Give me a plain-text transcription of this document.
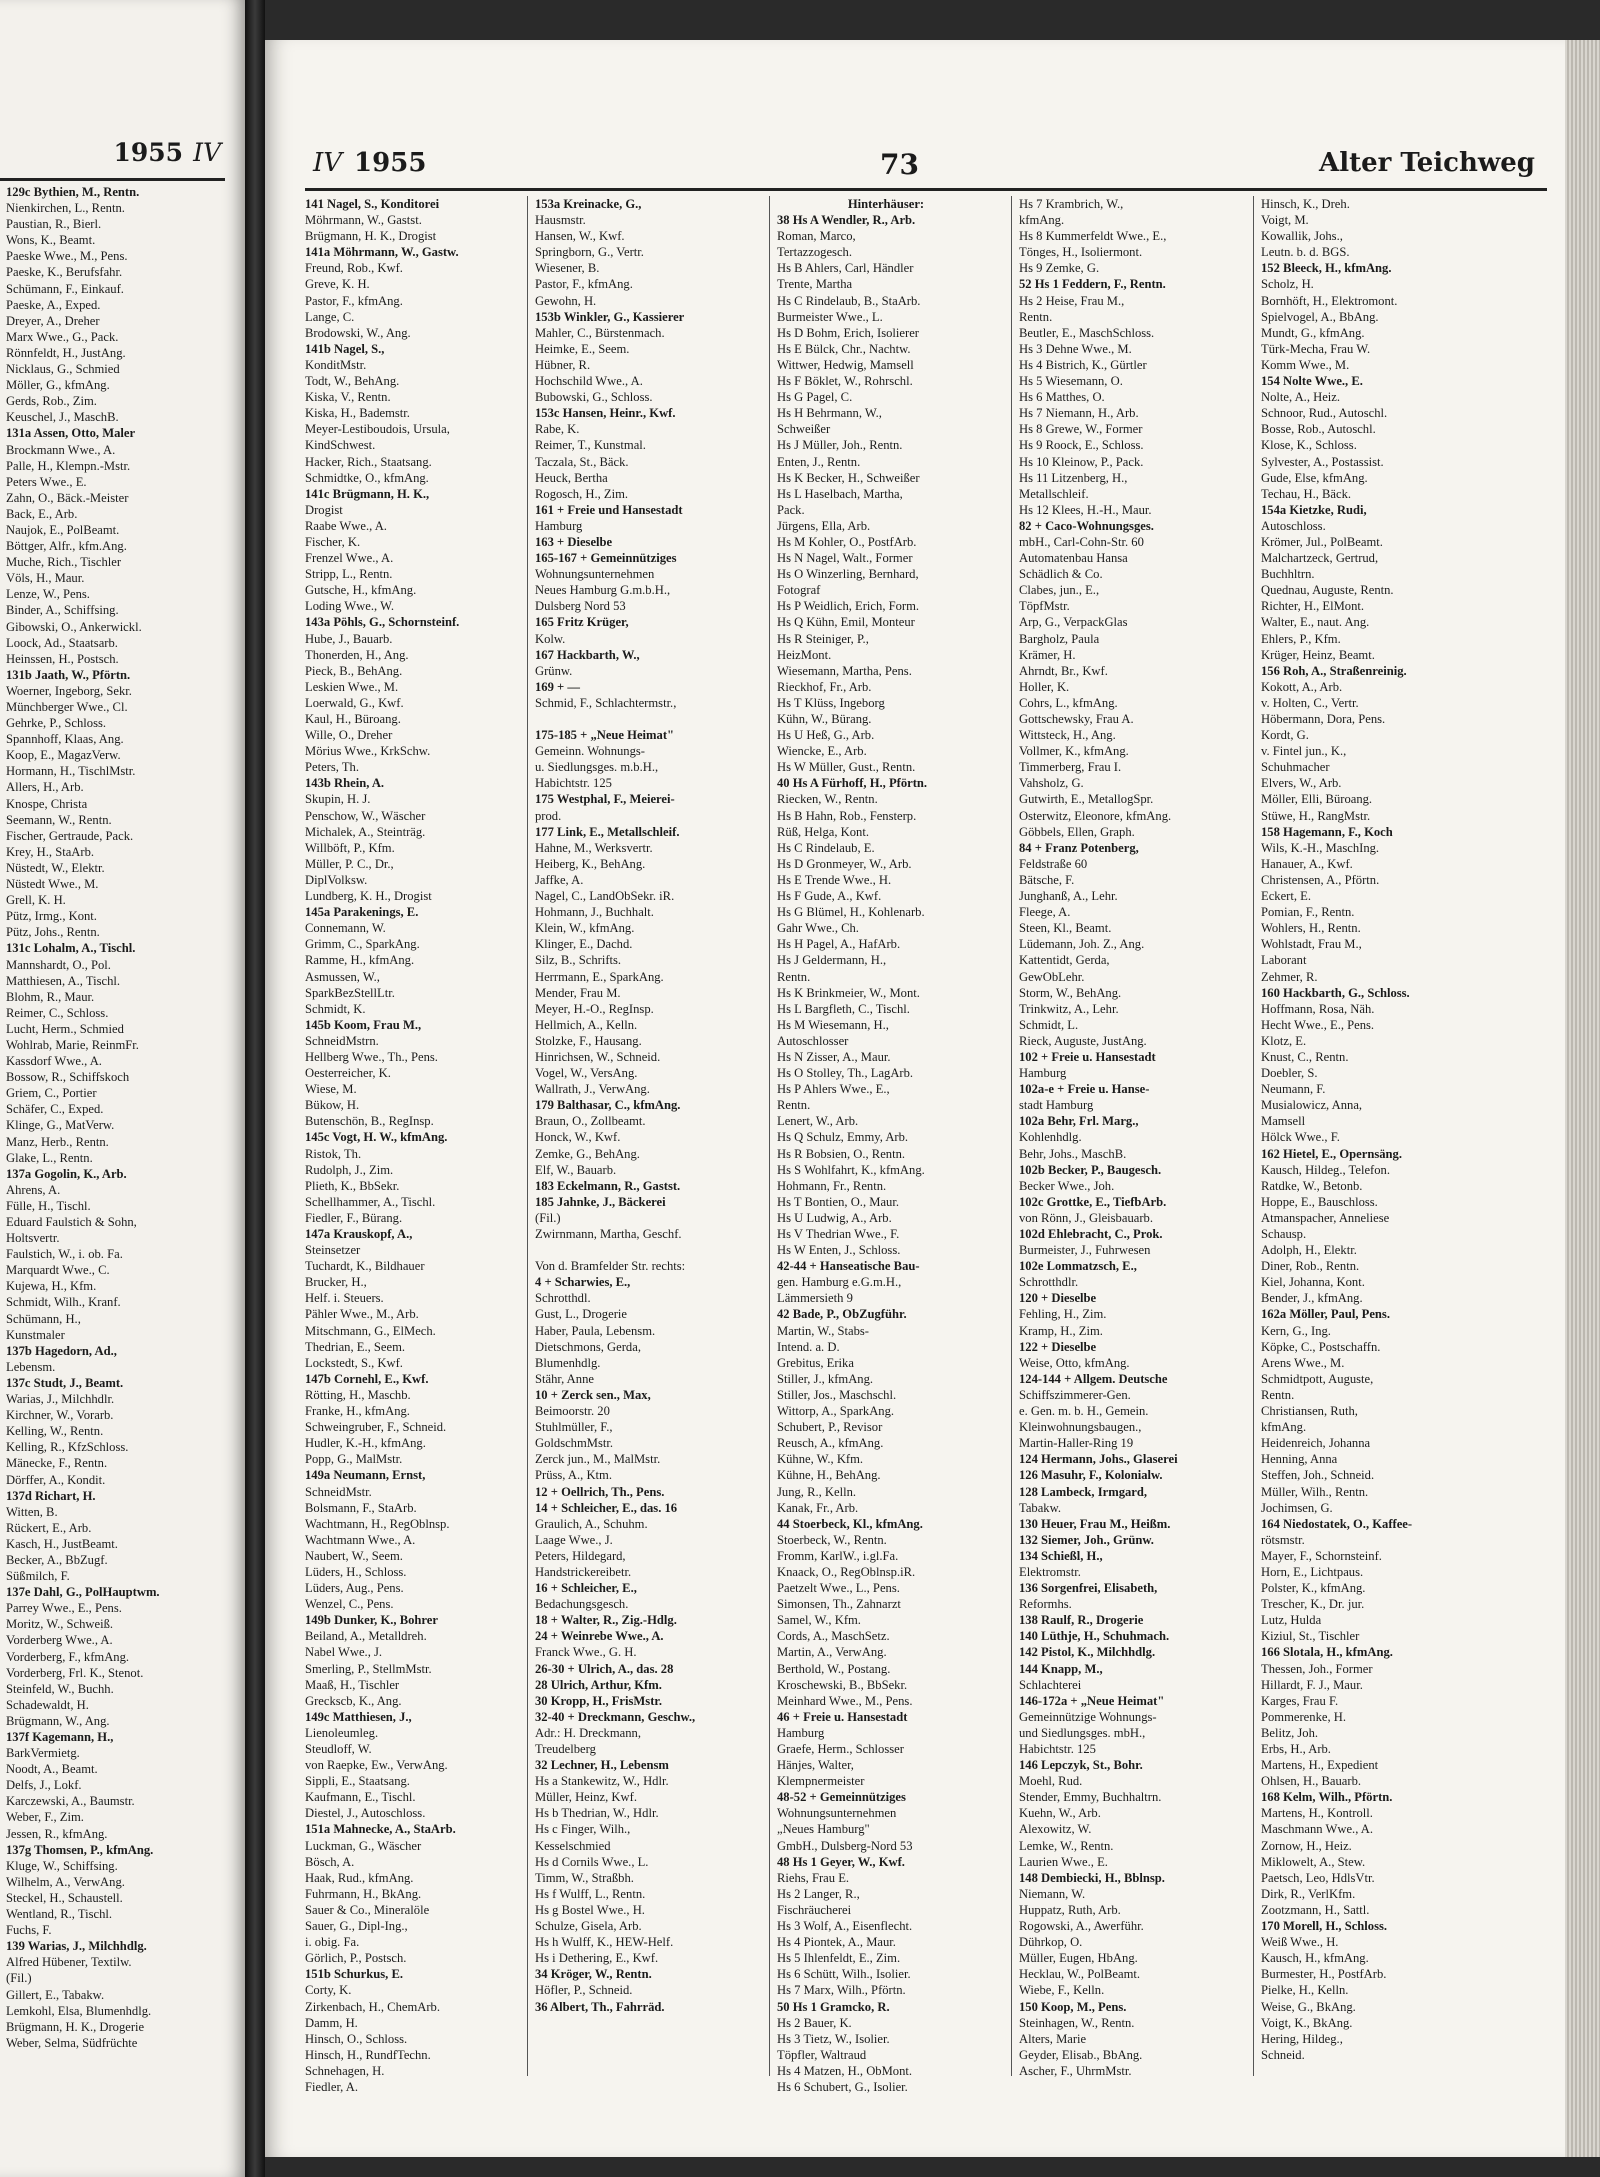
1955 IV
129c Bythien, M., Rentn.
Nienkirchen, L., Rentn.
Paustian, R., Bierl.
Wons, K., Beamt.
Paeske Wwe., M., Pens.
Paeske, K., Berufsfahr.
Schümann, F., Einkauf.
Paeske, A., Exped.
Dreyer, A., Dreher
Marx Wwe., G., Pack.
Rönnfeldt, H., JustAng.
Nicklaus, G., Schmied
Möller, G., kfmAng.
Gerds, Rob., Zim.
Keuschel, J., MaschB.
131a Assen, Otto, Maler
Brockmann Wwe., A.
Palle, H., Klempn.-Mstr.
Peters Wwe., E.
Zahn, O., Bäck.-Meister
Back, E., Arb.
Naujok, E., PolBeamt.
Böttger, Alfr., kfm.Ang.
Muche, Rich., Tischler
Völs, H., Maur.
Lenze, W., Pens.
Binder, A., Schiffsing.
Gibowski, O., Ankerwickl.
Loock, Ad., Staatsarb.
Heinssen, H., Postsch.
131b Jaath, W., Pförtn.
Woerner, Ingeborg, Sekr.
Münchberger Wwe., Cl.
Gehrke, P., Schloss.
Spannhoff, Klaas, Ang.
Koop, E., MagazVerw.
Hormann, H., TischlMstr.
Allers, H., Arb.
Knospe, Christa
Seemann, W., Rentn.
Fischer, Gertraude, Pack.
Krey, H., StaArb.
Nüstedt, W., Elektr.
Nüstedt Wwe., M.
Grell, K. H.
Pütz, Irmg., Kont.
Pütz, Johs., Rentn.
131c Lohalm, A., Tischl.
Mannshardt, O., Pol.
Matthiesen, A., Tischl.
Blohm, R., Maur.
Reimer, C., Schloss.
Lucht, Herm., Schmied
Wohlrab, Marie, ReinmFr.
Kassdorf Wwe., A.
Bossow, R., Schiffskoch
Griem, C., Portier
Schäfer, C., Exped.
Klinge, G., MatVerw.
Manz, Herb., Rentn.
Glake, L., Rentn.
137a Gogolin, K., Arb.
Ahrens, A.
Fülle, H., Tischl.
Eduard Faulstich & Sohn,
Holtsvertr.
Faulstich, W., i. ob. Fa.
Marquardt Wwe., C.
Kujewa, H., Kfm.
Schmidt, Wilh., Kranf.
Schümann, H.,
Kunstmaler
137b Hagedorn, Ad.,
Lebensm.
137c Studt, J., Beamt.
Warias, J., Milchhdlr.
Kirchner, W., Vorarb.
Kelling, W., Rentn.
Kelling, R., KfzSchloss.
Mänecke, F., Rentn.
Dörffer, A., Kondit.
137d Richart, H.
Witten, B.
Rückert, E., Arb.
Kasch, H., JustBeamt.
Becker, A., BbZugf.
Süßmilch, F.
137e Dahl, G., PolHauptwm.
Parrey Wwe., E., Pens.
Moritz, W., Schweiß.
Vorderberg Wwe., A.
Vorderberg, F., kfmAng.
Vorderberg, Frl. K., Stenot.
Steinfeld, W., Buchh.
Schadewaldt, H.
Brügmann, W., Ang.
137f Kagemann, H.,
BarkVermietg.
Noodt, A., Beamt.
Delfs, J., Lokf.
Karczewski, A., Baumstr.
Weber, F., Zim.
Jessen, R., kfmAng.
137g Thomsen, P., kfmAng.
Kluge, W., Schiffsing.
Wilhelm, A., VerwAng.
Steckel, H., Schaustell.
Wentland, R., Tischl.
Fuchs, F.
139 Warias, J., Milchhdlg.
Alfred Hübener, Textilw.
(Fil.)
Gillert, E., Tabakw.
Lemkohl, Elsa, Blumenhdlg.
Brügmann, H. K., Drogerie
Weber, Selma, Südfrüchte
IV 1955	73	Alter Teichweg
141 Nagel, S., Konditorei
Möhrmann, W., Gastst.
Brügmann, H. K., Drogist
141a Möhrmann, W., Gastw.
Freund, Rob., Kwf.
Greve, K. H.
Pastor, F., kfmAng.
Lange, C.
Brodowski, W., Ang.
141b Nagel, S.,
KonditMstr.
Todt, W., BehAng.
Kiska, V., Rentn.
Kiska, H., Bademstr.
Meyer-Lestiboudois, Ursula,
KindSchwest.
Hacker, Rich., Staatsang.
Schmidtke, O., kfmAng.
141c Brügmann, H. K.,
Drogist
Raabe Wwe., A.
Fischer, K.
Frenzel Wwe., A.
Stripp, L., Rentn.
Gutsche, H., kfmAng.
Loding Wwe., W.
143a Pöhls, G., Schornsteinf.
Hube, J., Bauarb.
Thonerden, H., Ang.
Pieck, B., BehAng.
Leskien Wwe., M.
Loerwald, G., Kwf.
Kaul, H., Büroang.
Wille, O., Dreher
Mörius Wwe., KrkSchw.
Peters, Th.
143b Rhein, A.
Skupin, H. J.
Penschow, W., Wäscher
Michalek, A., Steinträg.
Willböft, P., Kfm.
Müller, P. C., Dr.,
DiplVolksw.
Lundberg, K. H., Drogist
145a Parakenings, E.
Connemann, W.
Grimm, C., SparkAng.
Ramme, H., kfmAng.
Asmussen, W.,
SparkBezStellLtr.
Schmidt, K.
145b Koom, Frau M.,
SchneidMstrn.
Hellberg Wwe., Th., Pens.
Oesterreicher, K.
Wiese, M.
Bükow, H.
Butenschön, B., RegInsp.
145c Vogt, H. W., kfmAng.
Ristok, Th.
Rudolph, J., Zim.
Plieth, K., BbSekr.
Schellhammer, A., Tischl.
Fiedler, F., Bürang.
147a Krauskopf, A.,
Steinsetzer
Tuchardt, K., Bildhauer
Brucker, H.,
Helf. i. Steuers.
Pähler Wwe., M., Arb.
Mitschmann, G., ElMech.
Thedrian, E., Seem.
Lockstedt, S., Kwf.
147b Cornehl, E., Kwf.
Rötting, H., Maschb.
Franke, H., kfmAng.
Schweingruber, F., Schneid.
Hudler, K.-H., kfmAng.
Popp, G., MalMstr.
149a Neumann, Ernst,
SchneidMstr.
Bolsmann, F., StaArb.
Wachtmann, H., RegOblnsp.
Wachtmann Wwe., A.
Naubert, W., Seem.
Lüders, H., Schloss.
Lüders, Aug., Pens.
Wenzel, C., Pens.
149b Dunker, K., Bohrer
Beiland, A., Metalldreh.
Nabel Wwe., J.
Smerling, P., StellmMstr.
Maaß, H., Tischler
Greckscb, K., Ang.
149c Matthiesen, J.,
Lienoleumleg.
Steudloff, W.
von Raepke, Ew., VerwAng.
Sippli, E., Staatsang.
Kaufmann, E., Tischl.
Diestel, J., Autoschloss.
151a Mahnecke, A., StaArb.
Luckman, G., Wäscher
Bösch, A.
Haak, Rud., kfmAng.
Fuhrmann, H., BkAng.
Sauer & Co., Mineralöle
Sauer, G., Dipl-Ing.,
i. obig. Fa.
Görlich, P., Postsch.
151b Schurkus, E.
Corty, K.
Zirkenbach, H., ChemArb.
Damm, H.
Hinsch, O., Schloss.
Hinsch, H., RundfTechn.
Schnehagen, H.
Fiedler, A.
153a Kreinacke, G.,
Hausmstr.
Hansen, W., Kwf.
Springborn, G., Vertr.
Wiesener, B.
Pastor, F., kfmAng.
Gewohn, H.
153b Winkler, G., Kassierer
Mahler, C., Bürstenmach.
Heimke, E., Seem.
Hübner, R.
Hochschild Wwe., A.
Bubowski, G., Schloss.
153c Hansen, Heinr., Kwf.
Rabe, K.
Reimer, T., Kunstmal.
Taczala, St., Bäck.
Heuck, Bertha
Rogosch, H., Zim.
161 + Freie und Hansestadt
Hamburg
163 + Dieselbe
165-167 + Gemeinnütziges
Wohnungsunternehmen
Neues Hamburg G.m.b.H.,
Dulsberg Nord 53
165 Fritz Krüger,
Kolw.
167 Hackbarth, W.,
Grünw.
169 + —
Schmid, F., Schlachtermstr.,

175-185 + „Neue Heimat"
Gemeinn. Wohnungs-
u. Siedlungsges. m.b.H.,
Habichtstr. 125
175 Westphal, F., Meierei-
prod.
177 Link, E., Metallschleif.
Hahne, M., Werksvertr.
Heiberg, K., BehAng.
Jaffke, A.
Nagel, C., LandObSekr. iR.
Hohmann, J., Buchhalt.
Klein, W., kfmAng.
Klinger, E., Dachd.
Silz, B., Schrifts.
Herrmann, E., SparkAng.
Mender, Frau M.
Meyer, H.-O., RegInsp.
Hellmich, A., Kelln.
Stolzke, F., Hausang.
Hinrichsen, W., Schneid.
Vogel, W., VersAng.
Wallrath, J., VerwAng.
179 Balthasar, C., kfmAng.
Braun, O., Zollbeamt.
Honck, W., Kwf.
Zemke, G., BehAng.
Elf, W., Bauarb.
183 Eckelmann, R., Gastst.
185 Jahnke, J., Bäckerei
(Fil.)
Zwirnmann, Martha, Geschf.

Von d. Bramfelder Str. rechts:
4 + Scharwies, E.,
Schrotthdl.
Gust, L., Drogerie
Haber, Paula, Lebensm.
Dietschmons, Gerda,
Blumenhdlg.
Stähr, Anne
10 + Zerck sen., Max,
Beimoorstr. 20
Stuhlmüller, F.,
GoldschmMstr.
Zerck jun., M., MalMstr.
Prüss, A., Ktm.
12 + Oellrich, Th., Pens.
14 + Schleicher, E., das. 16
Graulich, A., Schuhm.
Laage Wwe., J.
Peters, Hildegard,
Handstrickereibetr.
16 + Schleicher, E.,
Bedachungsgesch.
18 + Walter, R., Zig.-Hdlg.
24 + Weinrebe Wwe., A.
Franck Wwe., G. H.
26-30 + Ulrich, A., das. 28
28 Ulrich, Arthur, Kfm.
30 Kropp, H., FrisMstr.
32-40 + Dreckmann, Geschw.,
Adr.: H. Dreckmann,
Treudelberg
32 Lechner, H., Lebensm
Hs a Stankewitz, W., Hdlr.
Müller, Heinz, Kwf.
Hs b Thedrian, W., Hdlr.
Hs c Finger, Wilh.,
Kesselschmied
Hs d Cornils Wwe., L.
Timm, W., Straßbh.
Hs f Wulff, L., Rentn.
Hs g Bostel Wwe., H.
Schulze, Gisela, Arb.
Hs h Wulff, K., HEW-Helf.
Hs i Dethering, E., Kwf.
34 Kröger, W., Rentn.
Höfler, P., Schneid.
36 Albert, Th., Fahrräd.
Hinterhäuser:
38 Hs A Wendler, R., Arb.
Roman, Marco,
Tertazzogesch.
Hs B Ahlers, Carl, Händler
Trente, Martha
Hs C Rindelaub, B., StaArb.
Burmeister Wwe., L.
Hs D Bohm, Erich, Isolierer
Hs E Bülck, Chr., Nachtw.
Wittwer, Hedwig, Mamsell
Hs F Böklet, W., Rohrschl.
Hs G Pagel, C.
Hs H Behrmann, W.,
Schweißer
Hs J Müller, Joh., Rentn.
Enten, J., Rentn.
Hs K Becker, H., Schweißer
Hs L Haselbach, Martha,
Pack.
Jürgens, Ella, Arb.
Hs M Kohler, O., PostfArb.
Hs N Nagel, Walt., Former
Hs O Winzerling, Bernhard,
Fotograf
Hs P Weidlich, Erich, Form.
Hs Q Kühn, Emil, Monteur
Hs R Steiniger, P.,
HeizMont.
Wiesemann, Martha, Pens.
Rieckhof, Fr., Arb.
Hs T Klüss, Ingeborg
Kühn, W., Bürang.
Hs U Heß, G., Arb.
Wiencke, E., Arb.
Hs W Müller, Gust., Rentn.
40 Hs A Fürhoff, H., Pförtn.
Riecken, W., Rentn.
Hs B Hahn, Rob., Fensterp.
Rüß, Helga, Kont.
Hs C Rindelaub, E.
Hs D Gronmeyer, W., Arb.
Hs E Trende Wwe., H.
Hs F Gude, A., Kwf.
Hs G Blümel, H., Kohlenarb.
Gahr Wwe., Ch.
Hs H Pagel, A., HafArb.
Hs J Geldermann, H.,
Rentn.
Hs K Brinkmeier, W., Mont.
Hs L Bargfleth, C., Tischl.
Hs M Wiesemann, H.,
Autoschlosser
Hs N Zisser, A., Maur.
Hs O Stolley, Th., LagArb.
Hs P Ahlers Wwe., E.,
Rentn.
Lenert, W., Arb.
Hs Q Schulz, Emmy, Arb.
Hs R Bobsien, O., Rentn.
Hs S Wohlfahrt, K., kfmAng.
Hohmann, Fr., Rentn.
Hs T Bontien, O., Maur.
Hs U Ludwig, A., Arb.
Hs V Thedrian Wwe., F.
Hs W Enten, J., Schloss.
42-44 + Hanseatische Bau-
gen. Hamburg e.G.m.H.,
Lämmersieth 9
42 Bade, P., ObZugführ.
Martin, W., Stabs-
Intend. a. D.
Grebitus, Erika
Stiller, J., kfmAng.
Stiller, Jos., Maschschl.
Wittorp, A., SparkAng.
Schubert, P., Revisor
Reusch, A., kfmAng.
Kühne, W., Kfm.
Kühne, H., BehAng.
Jung, R., Kelln.
Kanak, Fr., Arb.
44 Stoerbeck, Kl., kfmAng.
Stoerbeck, W., Rentn.
Fromm, KarlW., i.gl.Fa.
Knaack, O., RegOblnsp.iR.
Paetzelt Wwe., L., Pens.
Simonsen, Th., Zahnarzt
Samel, W., Kfm.
Cords, A., MaschSetz.
Martin, A., VerwAng.
Berthold, W., Postang.
Kroschewski, B., BbSekr.
Meinhard Wwe., M., Pens.
46 + Freie u. Hansestadt
Hamburg
Graefe, Herm., Schlosser
Hänjes, Walter,
Klempnermeister
48-52 + Gemeinnütziges
Wohnungsunternehmen
„Neues Hamburg"
GmbH., Dulsberg-Nord 53
48 Hs 1 Geyer, W., Kwf.
Riehs, Frau E.
Hs 2 Langer, R.,
Fischräucherei
Hs 3 Wolf, A., Eisenflecht.
Hs 4 Piontek, A., Maur.
Hs 5 Ihlenfeldt, E., Zim.
Hs 6 Schütt, Wilh., Isolier.
Hs 7 Marx, Wilh., Pförtn.
50 Hs 1 Gramcko, R.
Hs 2 Bauer, K.
Hs 3 Tietz, W., Isolier.
Töpfler, Waltraud
Hs 4 Matzen, H., ObMont.
Hs 6 Schubert, G., Isolier.
Hs 7 Krambrich, W.,
kfmAng.
Hs 8 Kummerfeldt Wwe., E.,
Tönges, H., Isoliermont.
Hs 9 Zemke, G.
52 Hs 1 Feddern, F., Rentn.
Hs 2 Heise, Frau M.,
Rentn.
Beutler, E., MaschSchloss.
Hs 3 Dehne Wwe., M.
Hs 4 Bistrich, K., Gürtler
Hs 5 Wiesemann, O.
Hs 6 Matthes, O.
Hs 7 Niemann, H., Arb.
Hs 8 Grewe, W., Former
Hs 9 Roock, E., Schloss.
Hs 10 Kleinow, P., Pack.
Hs 11 Litzenberg, H.,
Metallschleif.
Hs 12 Klees, H.-H., Maur.
82 + Caco-Wohnungsges.
mbH., Carl-Cohn-Str. 60
Automatenbau Hansa
Schädlich & Co.
Clabes, jun., E.,
TöpfMstr.
Arp, G., VerpackGlas
Bargholz, Paula
Krämer, H.
Ahrndt, Br., Kwf.
Holler, K.
Cohrs, L., kfmAng.
Gottschewsky, Frau A.
Wittsteck, H., Ang.
Vollmer, K., kfmAng.
Timmerberg, Frau I.
Vahsholz, G.
Gutwirth, E., MetallogSpr.
Osterwitz, Eleonore, kfmAng.
Göbbels, Ellen, Graph.
84 + Franz Potenberg,
Feldstraße 60
Bätsche, F.
Junghanß, A., Lehr.
Fleege, A.
Steen, Kl., Beamt.
Lüdemann, Joh. Z., Ang.
Kattentidt, Gerda,
GewObLehr.
Storm, W., BehAng.
Trinkwitz, A., Lehr.
Schmidt, L.
Rieck, Auguste, JustAng.
102 + Freie u. Hansestadt
Hamburg
102a-e + Freie u. Hanse-
stadt Hamburg
102a Behr, Frl. Marg.,
Kohlenhdlg.
Behr, Johs., MaschB.
102b Becker, P., Baugesch.
Becker Wwe., Joh.
102c Grottke, E., TiefbArb.
von Rönn, J., Gleisbauarb.
102d Ehlebracht, C., Prok.
Burmeister, J., Fuhrwesen
102e Lommatzsch, E.,
Schrotthdlr.
120 + Dieselbe
Fehling, H., Zim.
Kramp, H., Zim.
122 + Dieselbe
Weise, Otto, kfmAng.
124-144 + Allgem. Deutsche
Schiffszimmerer-Gen.
e. Gen. m. b. H., Gemein.
Kleinwohnungsbaugen.,
Martin-Haller-Ring 19
124 Hermann, Johs., Glaserei
126 Masuhr, F., Kolonialw.
128 Lambeck, Irmgard,
Tabakw.
130 Heuer, Frau M., Heißm.
132 Siemer, Joh., Grünw.
134 Schießl, H.,
Elektromstr.
136 Sorgenfrei, Elisabeth,
Reformhs.
138 Raulf, R., Drogerie
140 Lüthje, H., Schuhmach.
142 Pistol, K., Milchhdlg.
144 Knapp, M.,
Schlachterei
146-172a + „Neue Heimat"
Gemeinnützige Wohnungs-
und Siedlungsges. mbH.,
Habichtstr. 125
146 Lepczyk, St., Bohr.
Moehl, Rud.
Stender, Emmy, Buchhaltrn.
Kuehn, W., Arb.
Alexowitz, W.
Lemke, W., Rentn.
Laurien Wwe., E.
148 Dembiecki, H., Bblnsp.
Niemann, W.
Huppatz, Ruth, Arb.
Rogowski, A., Awerführ.
Dührkop, O.
Müller, Eugen, HbAng.
Hecklau, W., PolBeamt.
Wiebe, F., Kelln.
150 Koop, M., Pens.
Steinhagen, W., Rentn.
Alters, Marie
Geyder, Elisab., BbAng.
Ascher, F., UhrmMstr.
Hinsch, K., Dreh.
Voigt, M.
Kowallik, Johs.,
Leutn. b. d. BGS.
152 Bleeck, H., kfmAng.
Scholz, H.
Bornhöft, H., Elektromont.
Spielvogel, A., BbAng.
Mundt, G., kfmAng.
Türk-Mecha, Frau W.
Komm Wwe., M.
154 Nolte Wwe., E.
Nolte, A., Heiz.
Schnoor, Rud., Autoschl.
Bosse, Rob., Autoschl.
Klose, K., Schloss.
Sylvester, A., Postassist.
Gude, Else, kfmAng.
Techau, H., Bäck.
154a Kietzke, Rudi,
Autoschloss.
Krömer, Jul., PolBeamt.
Malchartzeck, Gertrud,
Buchhltrn.
Quednau, Auguste, Rentn.
Richter, H., ElMont.
Walter, E., naut. Ang.
Ehlers, P., Kfm.
Krüger, Heinz, Beamt.
156 Roh, A., Straßenreinig.
Kokott, A., Arb.
v. Holten, C., Vertr.
Höbermann, Dora, Pens.
Kordt, G.
v. Fintel jun., K.,
Schuhmacher
Elvers, W., Arb.
Möller, Elli, Büroang.
Stüwe, H., RangMstr.
158 Hagemann, F., Koch
Wils, K.-H., MaschIng.
Hanauer, A., Kwf.
Christensen, A., Pförtn.
Eckert, E.
Pomian, F., Rentn.
Wohlers, H., Rentn.
Wohlstadt, Frau M.,
Laborant
Zehmer, R.
160 Hackbarth, G., Schloss.
Hoffmann, Rosa, Näh.
Hecht Wwe., E., Pens.
Klotz, E.
Knust, C., Rentn.
Doebler, S.
Neumann, F.
Musialowicz, Anna,
Mamsell
Hölck Wwe., F.
162 Hietel, E., Opernsäng.
Kausch, Hildeg., Telefon.
Ratdke, W., Betonb.
Hoppe, E., Bauschloss.
Atmanspacher, Anneliese
Schausp.
Adolph, H., Elektr.
Diner, Rob., Rentn.
Kiel, Johanna, Kont.
Bender, J., kfmAng.
162a Möller, Paul, Pens.
Kern, G., Ing.
Köpke, C., Postschaffn.
Arens Wwe., M.
Schmidtpott, Auguste,
Rentn.
Christiansen, Ruth,
kfmAng.
Heidenreich, Johanna
Henning, Anna
Steffen, Joh., Schneid.
Müller, Wilh., Rentn.
Jochimsen, G.
164 Niedostatek, O., Kaffee-
rötsmstr.
Mayer, F., Schornsteinf.
Horn, E., Lichtpaus.
Polster, K., kfmAng.
Trescher, K., Dr. jur.
Lutz, Hulda
Kiziul, St., Tischler
166 Slotala, H., kfmAng.
Thessen, Joh., Former
Hillardt, F. J., Maur.
Karges, Frau F.
Pommerenke, H.
Belitz, Joh.
Erbs, H., Arb.
Martens, H., Expedient
Ohlsen, H., Bauarb.
168 Kelm, Wilh., Pförtn.
Martens, H., Kontroll.
Maschmann Wwe., A.
Zornow, H., Heiz.
Miklowelt, A., Stew.
Paetsch, Leo, HdlsVtr.
Dirk, R., VerlKfm.
Zootzmann, H., Sattl.
170 Morell, H., Schloss.
Weiß Wwe., H.
Kausch, H., kfmAng.
Burmester, H., PostfArb.
Pielke, H., Kelln.
Weise, G., BkAng.
Voigt, K., BkAng.
Hering, Hildeg.,
Schneid.
